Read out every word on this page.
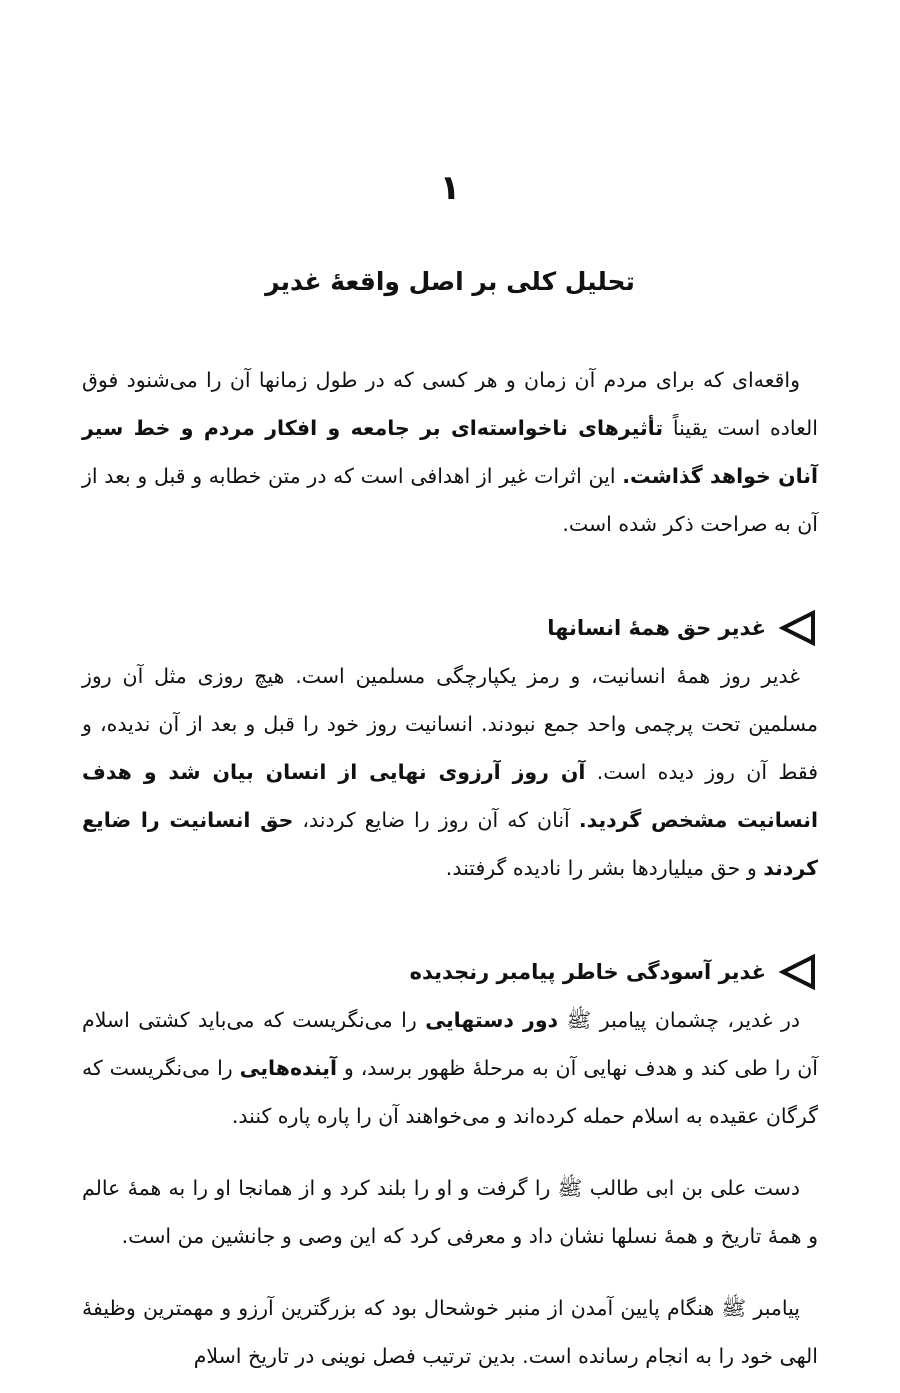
۱
تحلیل کلی بر اصل واقعهٔ غدیر

واقعه‌ای که برای مردم آن زمان و هر کسی که در طول زمانها آن را می‌شنود فوق العاده است یقیناً تأثیرهای ناخواسته‌ای بر جامعه و افکار مردم و خط سیر آنان خواهد گذاشت. این اثرات غیر از اهدافی است که در متن خطابه و قبل و بعد از آن به صراحت ذکر شده است.

غدیر حق همهٔ انسانها

غدیر روز همهٔ انسانیت، و رمز یکپارچگی مسلمین است. هیچ روزی مثل آن روز مسلمین تحت پرچمی واحد جمع نبودند. انسانیت روز خود را قبل و بعد از آن ندیده، و فقط آن روز دیده است. آن روز آرزوی نهایی از انسان بیان شد و هدف انسانیت مشخص گردید. آنان که آن روز را ضایع کردند، حق انسانیت را ضایع کردند و حق میلیاردها بشر را نادیده گرفتند.

غدیر آسودگی خاطر پیامبر رنجدیده

در غدیر، چشمان پیامبر ﷺ دور دستهایی را می‌نگریست که می‌باید کشتی اسلام آن را طی کند و هدف نهایی آن به مرحلهٔ ظهور برسد، و آینده‌هایی را می‌نگریست که گرگان عقیده به اسلام حمله کرده‌اند و می‌خواهند آن را پاره پاره کنند.

دست علی بن ابی طالب ﷺ را گرفت و او را بلند کرد و از همانجا او را به همهٔ عالم و همهٔ تاریخ و همهٔ نسلها نشان داد و معرفی کرد که این وصی و جانشین من است.

پیامبر ﷺ هنگام پایین آمدن از منبر خوشحال بود که بزرگترین آرزو و مهمترین وظیفهٔ الهی خود را به انجام رسانده است. بدین ترتیب فصل نوینی در تاریخ اسلام
